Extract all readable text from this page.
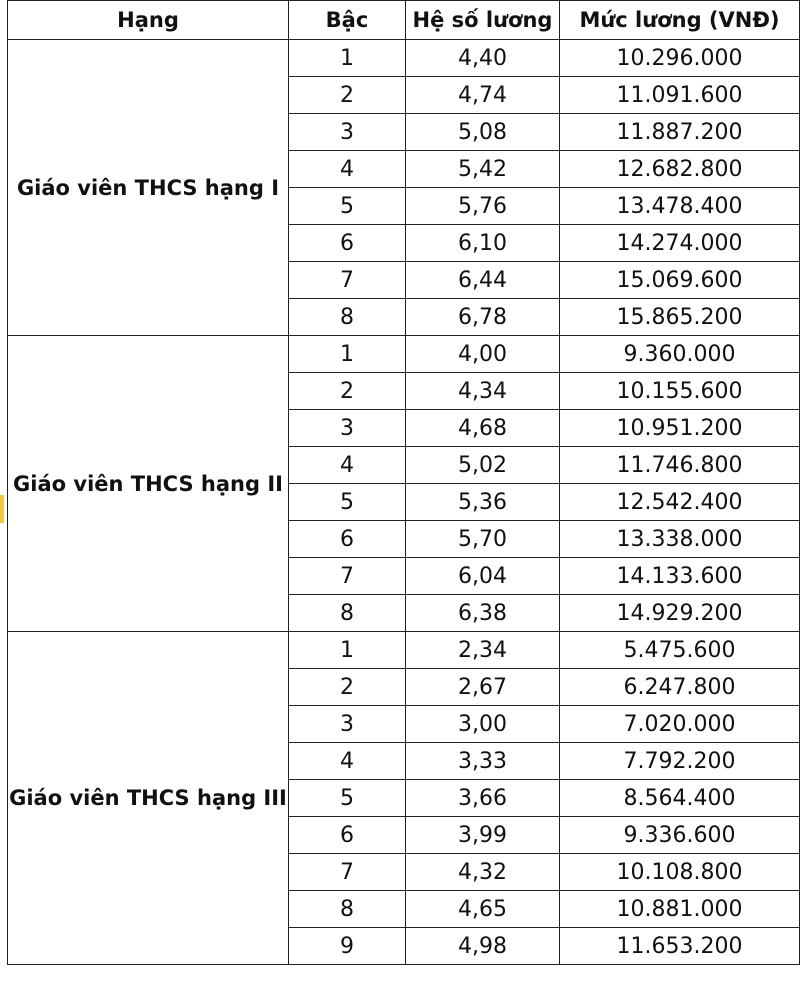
Hạng	Bậc	Hệ số lương	Mức lương (VNĐ)
Giáo viên THCS hạng I	1	4,40	10.296.000
	2	4,74	11.091.600
	3	5,08	11.887.200
	4	5,42	12.682.800
	5	5,76	13.478.400
	6	6,10	14.274.000
	7	6,44	15.069.600
	8	6,78	15.865.200
Giáo viên THCS hạng II	1	4,00	9.360.000
	2	4,34	10.155.600
	3	4,68	10.951.200
	4	5,02	11.746.800
	5	5,36	12.542.400
	6	5,70	13.338.000
	7	6,04	14.133.600
	8	6,38	14.929.200
Giáo viên THCS hạng III	1	2,34	5.475.600
	2	2,67	6.247.800
	3	3,00	7.020.000
	4	3,33	7.792.200
	5	3,66	8.564.400
	6	3,99	9.336.600
	7	4,32	10.108.800
	8	4,65	10.881.000
	9	4,98	11.653.200
